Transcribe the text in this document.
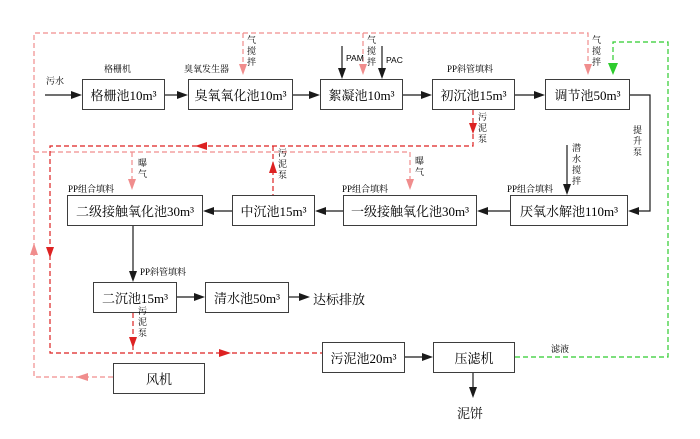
格栅池10m³	臭氧氧化池10m³	絮凝池10m³	初沉池15m³	调节池50m³
二级接触氧化池30m³	中沉池15m³	一级接触氧化池30m³	厌氧水解池110m³
二沉池15m³	清水池50m³
风机
污泥池20m³	压滤机
污水
格栅机	臭氧发生器	PP斜管填料
PAM	PAC
PP组合填料	PP组合填料	PP组合填料
PP斜管填料
滤液
气搅拌	气搅拌	气搅拌
污泥泵
污泥泵
污泥泵
曝气	曝气	潜水搅拌
提升泵
达标排放
泥饼
